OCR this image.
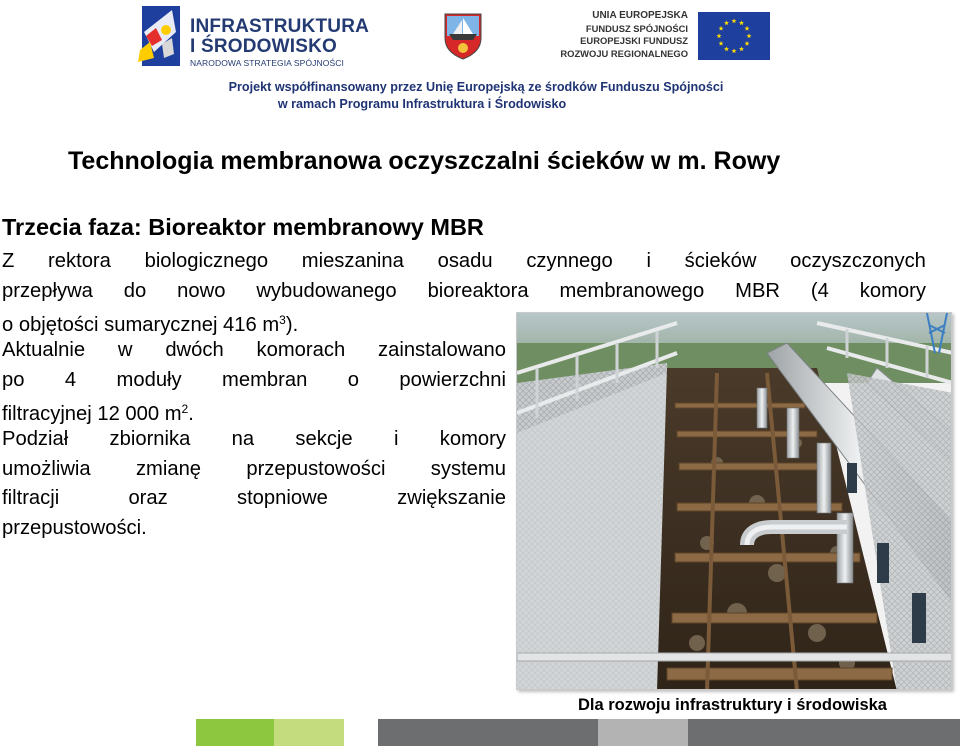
INFRASTRUKTURA
I ŚRODOWISKO
NARODOWA STRATEGIA SPÓJNOŚCI
UNIA EUROPEJSKA
FUNDUSZ SPÓJNOŚCI
EUROPEJSKI FUNDUSZ
ROZWOJU REGIONALNEGO
Projekt współfinansowany przez Unię Europejską ze środków Funduszu Spójności
w ramach Programu Infrastruktura i Środowisko
Technologia membranowa oczyszczalni ścieków w m. Rowy
Trzecia faza: Bioreaktor membranowy MBR
Z rektora biologicznego mieszanina osadu czynnego i ścieków oczyszczonych
przepływa do nowo wybudowanego bioreaktora membranowego MBR (4 komory
o objętości sumarycznej 416 $m^3$).
Aktualnie w dwóch komorach zainstalowano
po 4 moduły membran o powierzchni
filtracyjnej 12 000 $m^2$.
Podział zbiornika na sekcje i komory
umożliwia zmianę przepustowości systemu
filtracji	oraz	stopniowe	zwiększanie
przepustowości.
Dla rozwoju infrastruktury i środowiska
